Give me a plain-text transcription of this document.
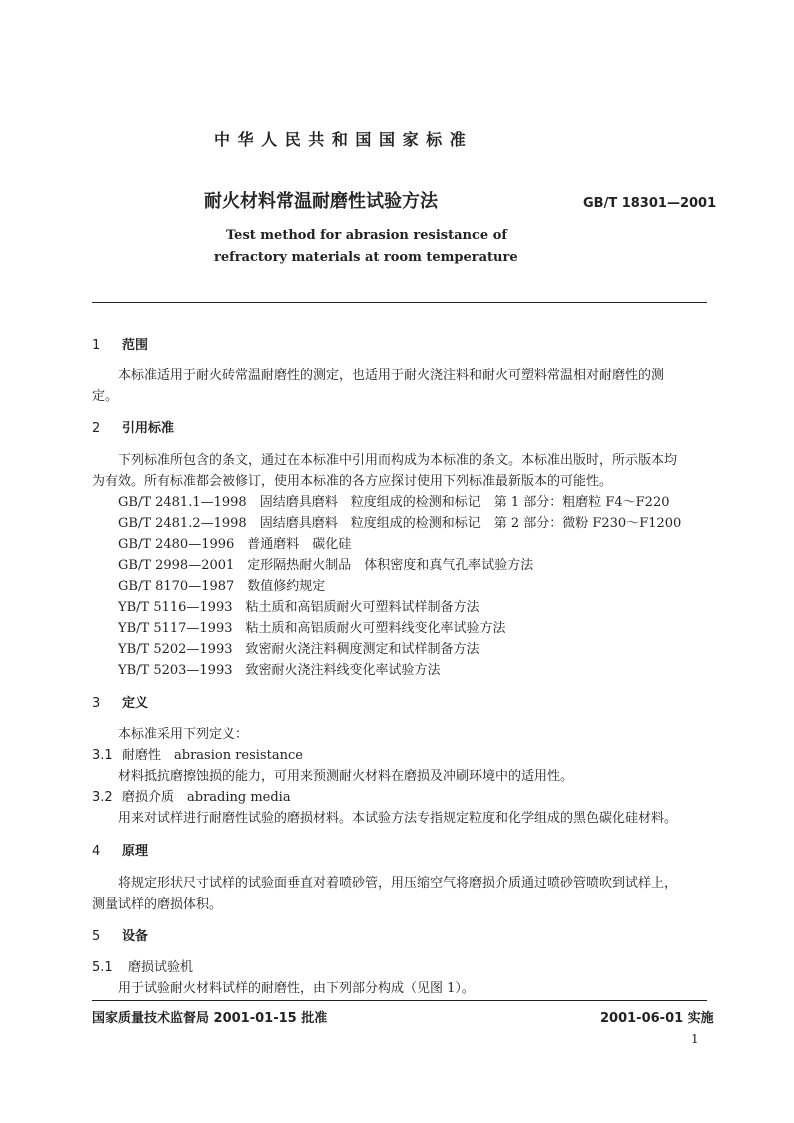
中 华 人 民 共 和 国 国 家 标 准
耐火材料常温耐磨性试验方法	GB/T 18301—2001
Test method for abrasion resistance of
refractory materials at room temperature
1 范围
本标准适用于耐火砖常温耐磨性的测定，也适用于耐火浇注料和耐火可塑料常温相对耐磨性的测
定。
2 引用标准
下列标准所包含的条文，通过在本标准中引用而构成为本标准的条文。本标准出版时，所示版本均
为有效。所有标准都会被修订，使用本标准的各方应探讨使用下列标准最新版本的可能性。
GB/T 2481.1—1998　固结磨具磨料　粒度组成的检测和标记　第 1 部分：粗磨粒 F4～F220
GB/T 2481.2—1998　固结磨具磨料　粒度组成的检测和标记　第 2 部分：微粉 F230～F1200
GB/T 2480—1996　普通磨料　碳化硅
GB/T 2998—2001　定形隔热耐火制品　体积密度和真气孔率试验方法
GB/T 8170—1987　数值修约规定
YB/T 5116—1993　粘土质和高铝质耐火可塑料试样制备方法
YB/T 5117—1993　粘土质和高铝质耐火可塑料线变化率试验方法
YB/T 5202—1993　致密耐火浇注料稠度测定和试样制备方法
YB/T 5203—1993　致密耐火浇注料线变化率试验方法
3 定义
本标准采用下列定义：
3.1 耐磨性　abrasion resistance
材料抵抗磨擦蚀损的能力，可用来预测耐火材料在磨损及冲刷环境中的适用性。
3.2 磨损介质　abrading media
用来对试样进行耐磨性试验的磨损材料。本试验方法专指规定粒度和化学组成的黑色碳化硅材料。
4 原理
将规定形状尺寸试样的试验面垂直对着喷砂管，用压缩空气将磨损介质通过喷砂管喷吹到试样上，
测量试样的磨损体积。
5 设备
5.1 磨损试验机
用于试验耐火材料试样的耐磨性，由下列部分构成（见图 1）。
国家质量技术监督局 2001-01-15 批准	2001-06-01 实施
1
